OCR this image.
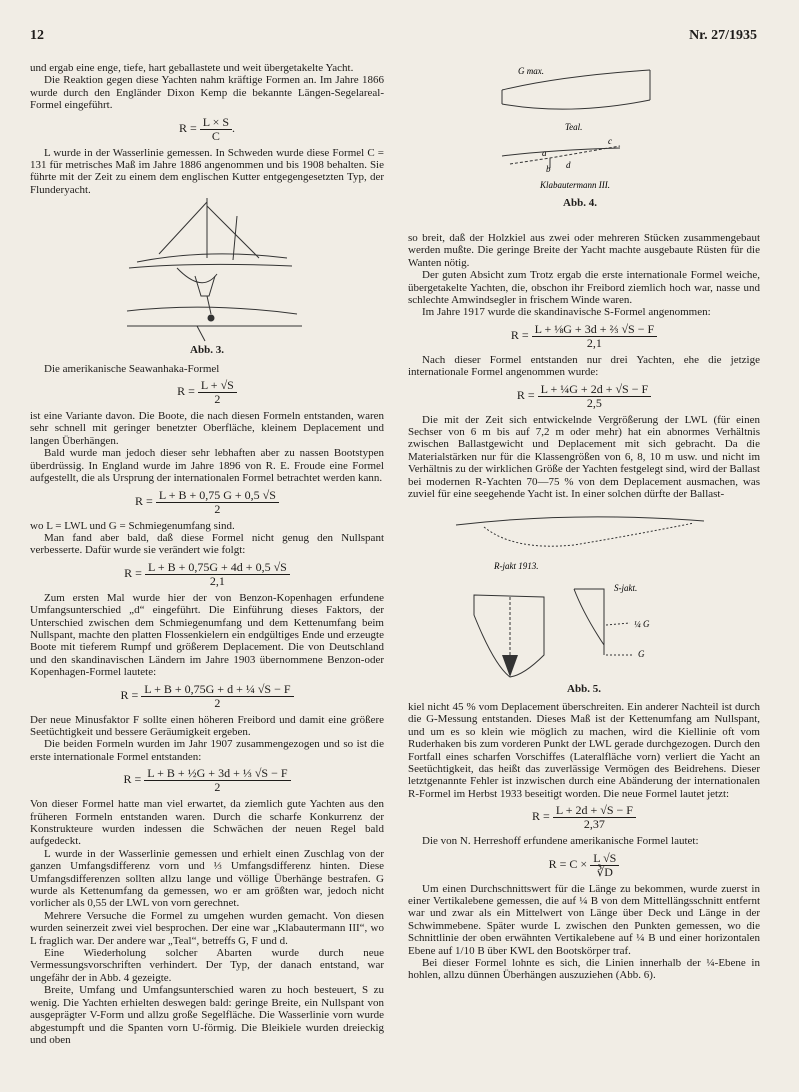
12	Nr. 27/1935

und ergab eine enge, tiefe, hart geballastete und weit übergetakelte Yacht.

Die Reaktion gegen diese Yachten nahm kräftige Formen an. Im Jahre 1866 wurde durch den Engländer Dixon Kemp die bekannte Längen-Segelareal-Formel eingeführt.

$R = \frac{L \times S}{C}$ .

L wurde in der Wasserlinie gemessen. In Schweden wurde diese Formel C = 131 für metrisches Maß im Jahre 1886 angenommen und bis 1908 behalten. Sie führte mit der Zeit zu einem dem englischen Kutter entgegengesetzten Typ, der Flunderyacht.

Abb. 3.

Die amerikanische Seawanhaka-Formel

$R = \frac{L + √S}{2}$

ist eine Variante davon. Die Boote, die nach diesen Formeln entstanden, waren sehr schnell mit geringer benetzter Oberfläche, kleinem Deplacement und langen Überhängen.

Bald wurde man jedoch dieser sehr lebhaften aber zu nassen Bootstypen überdrüssig. In England wurde im Jahre 1896 von R. E. Froude eine Formel aufgestellt, die als Ursprung der internationalen Formel betrachtet werden kann.

$R = \frac{L + B + 0,75 G + 0,5 √S}{2}$

wo L = LWL und G = Schmiegenumfang sind.

Man fand aber bald, daß diese Formel nicht genug den Nullspant verbesserte. Dafür wurde sie verändert wie folgt:

$R = \frac{L + B + 0,75G + 4d + 0,5 √S}{2,1}$

Zum ersten Mal wurde hier der von Benzon-Kopenhagen erfundene Umfangsunterschied „d“ eingeführt. Die Einführung dieses Faktors, der Unterschied zwischen dem Schmiegenumfang und dem Kettenumfang beim Nullspant, machte den platten Flossenkielern ein endgültiges Ende und erzeugte Boote mit tieferem Rumpf und größerem Deplacement. Die von Deutschland und den skandinavischen Ländern im Jahre 1903 übernommene Benzon-oder Kopenhagen-Formel lautete:

$R = \frac{\text{L + B + 0,75G + d + ¼ √S − F}}{2}$

Der neue Minusfaktor F sollte einen höheren Freibord und damit eine größere Seetüchtigkeit und bessere Geräumigkeit ergeben.

Die beiden Formeln wurden im Jahr 1907 zusammengezogen und so ist die erste internationale Formel entstanden:

$R = \frac{\text{L + B + ½G + 3d + ⅓ √S − F}}{2}$

Von dieser Formel hatte man viel erwartet, da ziemlich gute Yachten aus den früheren Formeln entstanden waren. Durch die scharfe Konkurrenz der Konstrukteure wurden indessen die Schwächen der neuen Regel bald aufgedeckt.

L wurde in der Wasserlinie gemessen und erhielt einen Zuschlag von der ganzen Umfangsdifferenz vorn und ⅓ Umfangsdifferenz hinten. Diese Umfangsdifferenzen sollten allzu lange und völlige Überhänge bestrafen. G wurde als Kettenumfang da gemessen, wo er am größten war, jedoch nicht vorlicher als 0,55 der LWL von vorn gerechnet.

Mehrere Versuche die Formel zu umgehen wurden gemacht. Von diesen wurden seinerzeit zwei viel besprochen. Der eine war „Klabautermann III“, wo L fraglich war. Der andere war „Teal“, betreffs G, F und d.

Eine Wiederholung solcher Abarten wurde durch neue Vermessungsvorschriften verhindert. Der Typ, der danach entstand, war ungefähr der in Abb. 4 gezeigte.

Breite, Umfang und Umfangsunterschied waren zu hoch besteuert, S zu wenig. Die Yachten erhielten deswegen bald: geringe Breite, ein Nullspant von ausgeprägter V-Form und allzu große Segelfläche. Die Wasserlinie vorn wurde abgestumpft und die Spanten vorn U-förmig. Die Bleikiele wurden dreieckig und oben

G max.
Teal.
a
b
c
d
Klabautermann III.
Abb. 4.

so breit, daß der Holzkiel aus zwei oder mehreren Stücken zusammengebaut werden mußte. Die geringe Breite der Yacht machte ausgebaute Rüsten für die Wanten nötig.

Der guten Absicht zum Trotz ergab die erste internationale Formel weiche, übergetakelte Yachten, die, obschon ihr Freibord ziemlich hoch war, nasse und schlechte Amwindsegler in frischem Winde waren.

Im Jahre 1917 wurde die skandinavische S-Formel angenommen:

$R = \frac{\text{L + ⅛G + 3d + ⅔ √S − F}}{2,1}$

Nach dieser Formel entstanden nur drei Yachten, ehe die jetzige internationale Formel angenommen wurde:

$R = \frac{\text{L + ¼G + 2d + √S − F}}{2,5}$

Die mit der Zeit sich entwickelnde Vergrößerung der LWL (für einen Sechser von 6 m bis auf 7,2 m oder mehr) hat ein abnormes Verhältnis zwischen Ballastgewicht und Deplacement mit sich gebracht. Da die Materialstärken nur für die Klassengrößen von 6, 8, 10 m usw. und nicht im Verhältnis zu der wirklichen Größe der Yachten festgelegt sind, wird der Ballast bei modernen R-Yachten 70—75 % von dem Deplacement ausmachen, was zuviel für eine seegehende Yacht ist. In einer solchen dürfte der Ballast-

R-jakt 1913.
S-jakt.
¼ G
G
Abb. 5.

kiel nicht 45 % vom Deplacement überschreiten. Ein anderer Nachteil ist durch die G-Messung entstanden. Dieses Maß ist der Kettenumfang am Nullspant, und um es so klein wie möglich zu machen, wird die Kiellinie oft vom Ruderhaken bis zum vorderen Punkt der LWL gerade durchgezogen. Durch den Fortfall eines scharfen Vorschiffes (Lateralfläche vorn) verliert die Yacht an Seetüchtigkeit, das heißt das zuverlässige Vermögen des Beidrehens. Dieser letztgenannte Fehler ist inzwischen durch eine Abänderung der internationalen R-Formel im Herbst 1933 beseitigt worden. Die neue Formel lautet jetzt:

$R = \frac{L + 2d + √S - F}{2,37}$

Die von N. Herreshoff erfundene amerikanische Formel lautet:

$R = C \times \frac{L √S}{∛D}$

Um einen Durchschnittswert für die Länge zu bekommen, wurde zuerst in einer Vertikalebene gemessen, die auf ¼ B von dem Mittellängsschnitt entfernt war und zwar als ein Mittelwert von Länge über Deck und Länge in der Schwimmebene. Später wurde L zwischen den Punkten gemessen, wo die Schnittlinie der oben erwähnten Vertikalebene auf ¼ B und einer horizontalen Ebene auf 1/10 B über KWL den Bootskörper traf.

Bei dieser Formel lohnte es sich, die Linien innerhalb der ¼-Ebene in hohlen, allzu dünnen Überhängen auszuziehen (Abb. 6).
